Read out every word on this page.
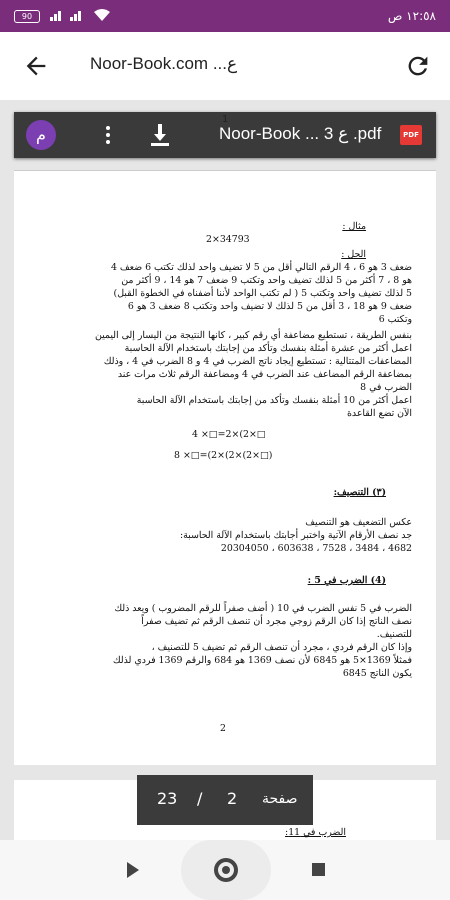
90	١٢:٥٨ ص
Noor-Book.com ...ع
م	Noor-Book ... ع 3 .pdf	PDF
1
مثال :
2×34793
الحل :
ضعف 3 هو 6 ، 4 الرقم التالي أقل من 5 لا تضيف واحد لذلك تكتب 6 ضعف 4
هو 8 ، 7 أكثر من 5 لذلك تضيف واحد وتكتب 9 ضعف 7 هو 14 ، 9 أكثر من
5 لذلك تضيف واحد وتكتب 5 ( لم تكتب الواحد لأننا أضفناه في الخطوة القبل)
ضعف 9 هو 18 ، 3 أقل من 5 لذلك لا تضيف واحد وتكتب 8 ضعف 3 هو 6
وتكتب 6
بنفس الطريقة ، تستطيع مضاعفة أي رقم كبير ، كانها النتيجة من اليسار إلى اليمين
اعمل أكثر من عشرة أمثلة بنفسك وتأكد من إجابتك باستخدام الآلة الحاسبة
المضاعفات المتتالية : تستطيع إيجاد ناتج الضرب في 4 و 8 الضرب في 4 ، وذلك
بمضاعفة الرقم المضاعف عند الضرب في 4 ومضاعفة الرقم ثلاث مرات عند
الضرب في 8
اعمل أكثر من 10 أمثلة بنفسك وتأكد من إجابتك باستخدام الآلة الحاسبة
الآن تضع القاعدة
4 ×□=2×(2×□
8 ×□=(2×(2×(2×□)
(٣) التنصيف:
عكس التضعيف هو التنصيف
جد نصف الأرقام الآتية واختبر أجابتك باستخدام الآلة الحاسبة:
4682 ، 3484 ، 7528 ، 603638 ، 20304050
(4) الضرب في 5 :
الضرب في 5 نفس الضرب في 10 ( أضف صفراً للرقم المضروب ) ويعد ذلك
نصف الناتج إذا كان الرقم زوجي مجرد أن تنصف الرقم ثم تضيف صفراً
للتصنيف.
وإذا كان الرقم فردي ، مجرد أن تنصف الرقم ثم تضيف 5 للتصنيف ،
فمثلاً 1369×5 هو 6845 لأن نصف 1369 هو 684 والرقم 1369 فردي لذلك
يكون الناتج 6845
2
الضرب في 11:
صفحة
2
/
23
